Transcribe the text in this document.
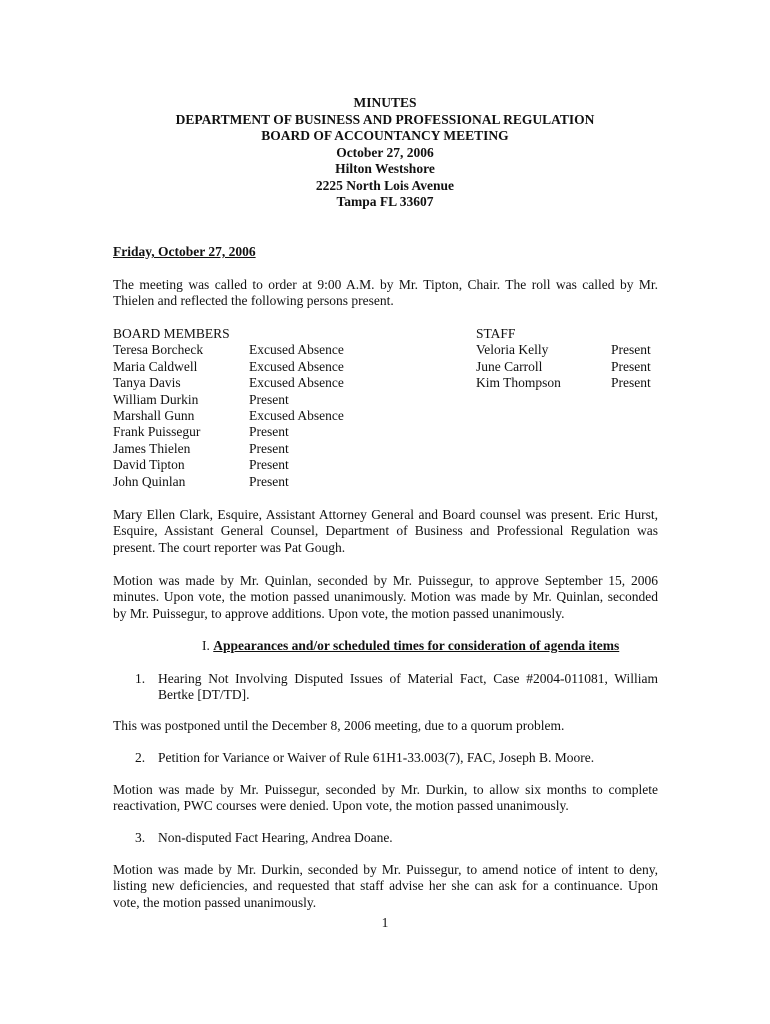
MINUTES
DEPARTMENT OF BUSINESS AND PROFESSIONAL REGULATION
BOARD OF ACCOUNTANCY MEETING
October 27, 2006
Hilton Westshore
2225 North Lois Avenue
Tampa FL 33607
Friday, October 27, 2006
The meeting was called to order at 9:00 A.M. by Mr. Tipton, Chair. The roll was called by Mr. Thielen and reflected the following persons present.
BOARD MEMBERS
Teresa Borcheck
Maria Caldwell
Tanya Davis
William Durkin
Marshall Gunn
Frank Puissegur
James Thielen
David Tipton
John Quinlan
Excused Absence
Excused Absence
Excused Absence
Present
Excused Absence
Present
Present
Present
Present
STAFF
Veloria Kelly
June Carroll
Kim Thompson
Present
Present
Present
Mary Ellen Clark, Esquire, Assistant Attorney General and Board counsel was present. Eric Hurst, Esquire, Assistant General Counsel, Department of Business and Professional Regulation was present. The court reporter was Pat Gough.
Motion was made by Mr. Quinlan, seconded by Mr. Puissegur, to approve September 15, 2006 minutes. Upon vote, the motion passed unanimously. Motion was made by Mr. Quinlan, seconded by Mr. Puissegur, to approve additions. Upon vote, the motion passed unanimously.
I. Appearances and/or scheduled times for consideration of agenda items
1. Hearing Not Involving Disputed Issues of Material Fact, Case #2004-011081, William Bertke [DT/TD].
This was postponed until the December 8, 2006 meeting, due to a quorum problem.
2. Petition for Variance or Waiver of Rule 61H1-33.003(7), FAC, Joseph B. Moore.
Motion was made by Mr. Puissegur, seconded by Mr. Durkin, to allow six months to complete reactivation, PWC courses were denied. Upon vote, the motion passed unanimously.
3. Non-disputed Fact Hearing, Andrea Doane.
Motion was made by Mr. Durkin, seconded by Mr. Puissegur, to amend notice of intent to deny, listing new deficiencies, and requested that staff advise her she can ask for a continuance. Upon vote, the motion passed unanimously.
1
